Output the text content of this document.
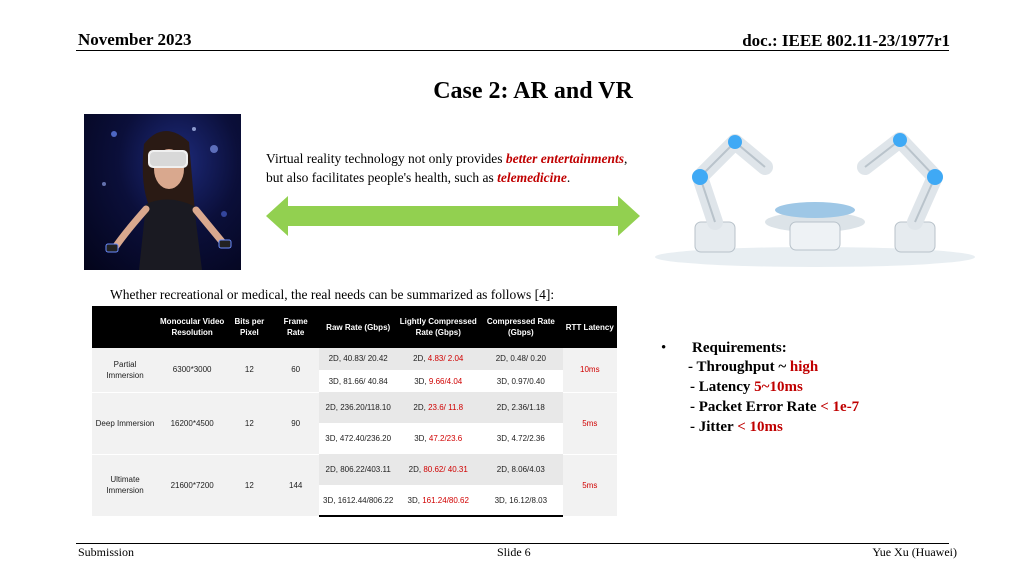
November 2023	doc.: IEEE 802.11-23/1977r1
Case 2: AR and VR
Virtual reality technology not only provides better entertainments,
but also facilitates people's health, such as telemedicine.
Whether recreational or medical, the real needs can be summarized as follows [4]:
	Monocular Video Resolution	Bits per Pixel	Frame Rate	Raw Rate (Gbps)	Lightly Compressed Rate (Gbps)	Compressed Rate (Gbps)	RTT Latency
Partial Immersion	6300*3000	12	60	2D, 40.83/ 20.42	2D, 4.83/ 2.04	2D, 0.48/ 0.20	10ms
				3D, 81.66/ 40.84	3D, 9.66/4.04	3D, 0.97/0.40	
Deep Immersion	16200*4500	12	90	2D, 236.20/118.10	2D, 23.6/ 11.8	2D, 2.36/1.18	5ms
				3D, 472.40/236.20	3D, 47.2/23.6	3D, 4.72/2.36	
Ultimate Immersion	21600*7200	12	144	2D, 806.22/403.11	2D, 80.62/ 40.31	2D, 8.06/4.03	5ms
				3D, 1612.44/806.22	3D, 161.24/80.62	3D, 16.12/8.03	
• Requirements:
- Throughput ~ high
- Latency 5~10ms
- Packet Error Rate < 1e-7
- Jitter < 10ms
Submission	Slide 6	Yue Xu (Huawei)
